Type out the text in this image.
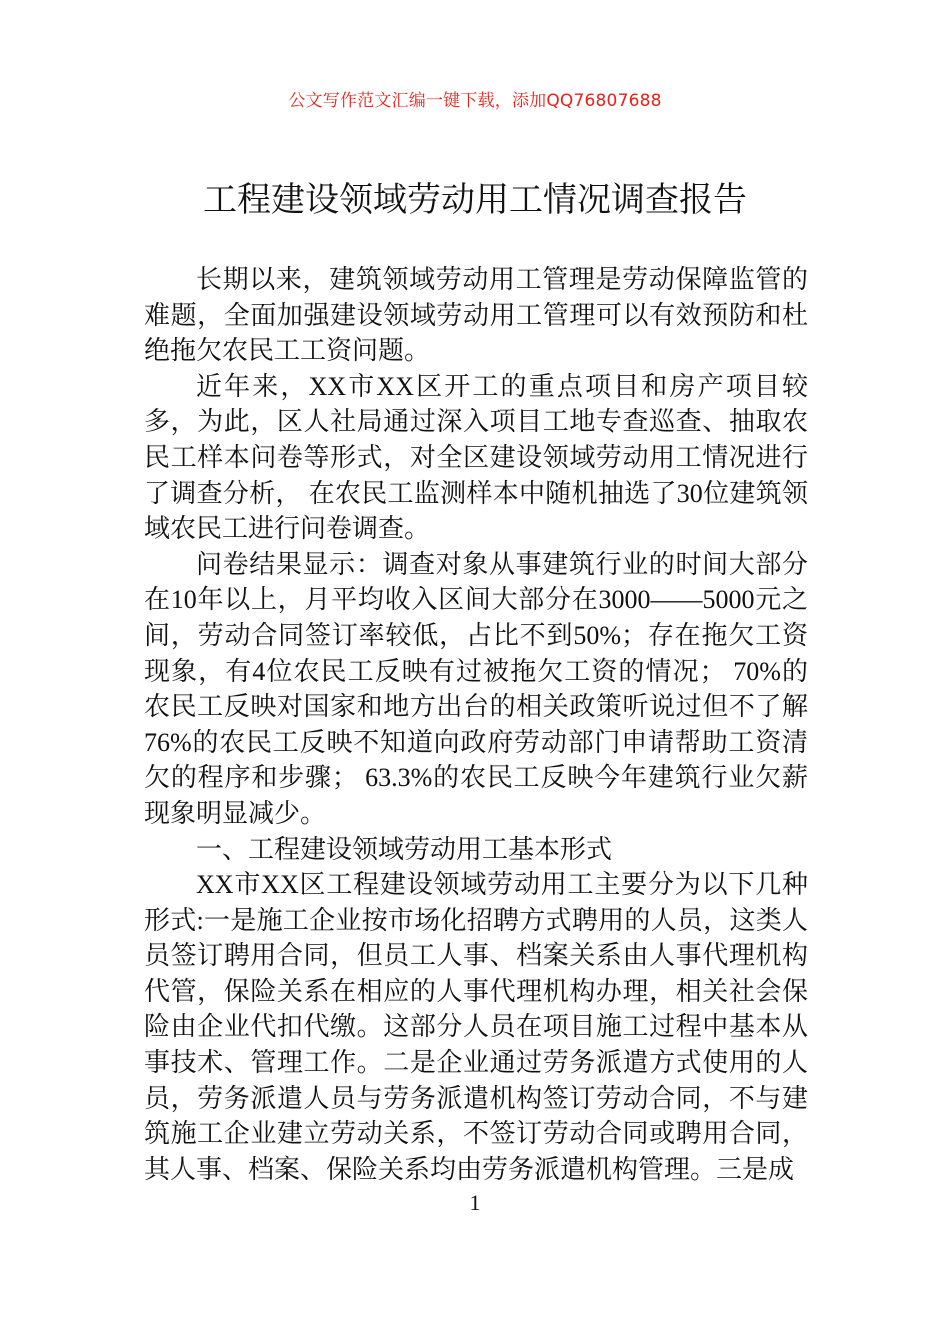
公文写作范文汇编一键下载，添加QQ76807688
工程建设领域劳动用工情况调查报告

长期以来，建筑领域劳动用工管理是劳动保障监管的难题，全面加强建设领域劳动用工管理可以有效预防和杜绝拖欠农民工工资问题。

近年来，XX市XX区开工的重点项目和房产项目较多，为此，区人社局通过深入项目工地专查巡查、抽取农民工样本问卷等形式，对全区建设领域劳动用工情况进行了调查分析， 在农民工监测样本中随机抽选了30位建筑领域农民工进行问卷调查。

问卷结果显示：调查对象从事建筑行业的时间大部分在10年以上，月平均收入区间大部分在3000——5000元之间，劳动合同签订率较低，占比不到50%；存在拖欠工资现象，有4位农民工反映有过被拖欠工资的情况； 70%的农民工反映对国家和地方出台的相关政策听说过但不了解76%的农民工反映不知道向政府劳动部门申请帮助工资清欠的程序和步骤； 63.3%的农民工反映今年建筑行业欠薪现象明显减少。

一、工程建设领域劳动用工基本形式

XX市XX区工程建设领域劳动用工主要分为以下几种形式:一是施工企业按市场化招聘方式聘用的人员，这类人员签订聘用合同，但员工人事、档案关系由人事代理机构代管，保险关系在相应的人事代理机构办理，相关社会保险由企业代扣代缴。这部分人员在项目施工过程中基本从事技术、管理工作。二是企业通过劳务派遣方式使用的人员，劳务派遣人员与劳务派遣机构签订劳动合同，不与建筑施工企业建立劳动关系，不签订劳动合同或聘用合同，其人事、档案、保险关系均由劳务派遣机构管理。三是成

1
